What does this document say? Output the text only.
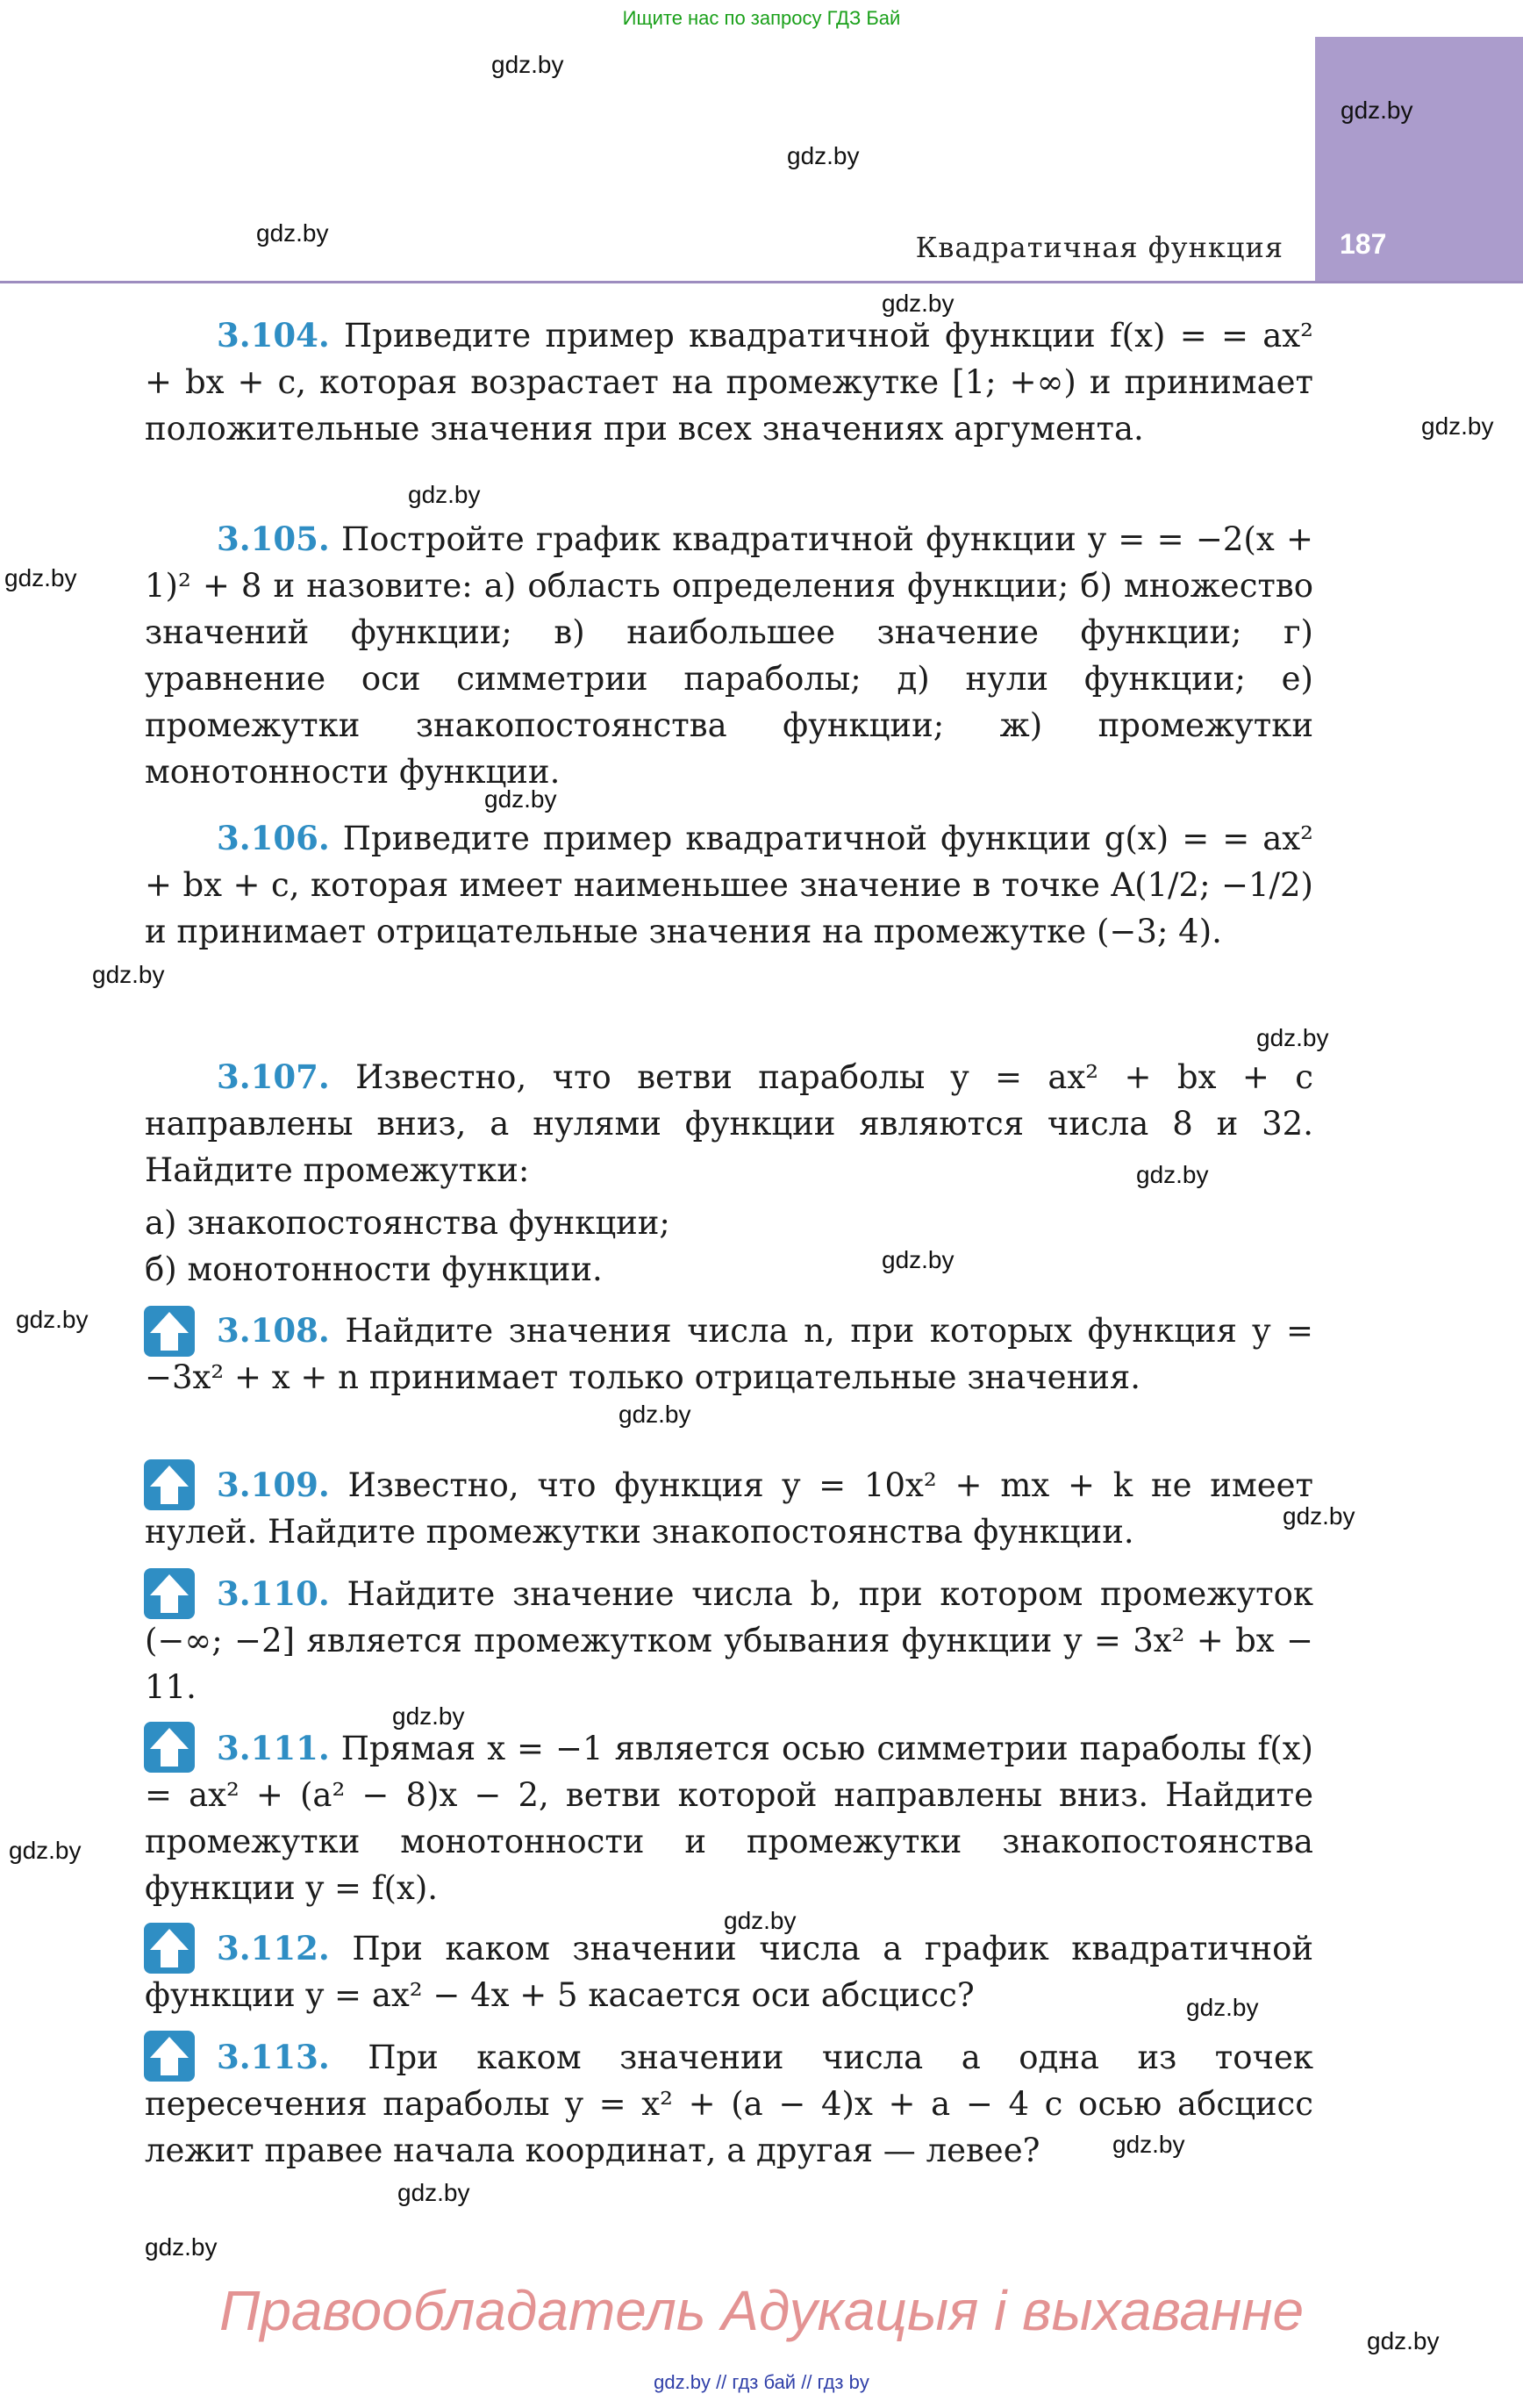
Ищите нас по запросу ГДЗ Бай
187
Квадратичная функция
gdz.by
gdz.by
gdz.by
gdz.by
gdz.by
gdz.by
gdz.by
gdz.by
gdz.by
gdz.by
gdz.by
gdz.by
gdz.by
gdz.by
gdz.by
gdz.by
gdz.by
gdz.by
gdz.by
gdz.by
gdz.by
gdz.by
gdz.by
gdz.by
3.104. Приведите пример квадратичной функции f(x) = = ax² + bx + c, которая возрастает на промежутке [1; +∞) и принимает положительные значения при всех значениях аргумента.
3.105. Постройте график квадратичной функции y = = −2(x + 1)² + 8 и назовите: а) область определения функции; б) множество значений функции; в) наибольшее значение функции; г) уравнение оси симметрии параболы; д) нули функции; е) промежутки знакопостоянства функции; ж) промежутки монотонности функции.
3.106. Приведите пример квадратичной функции g(x) = = ax² + bx + c, которая имеет наименьшее значение в точке A(1/2; −1/2) и принимает отрицательные значения на промежутке (−3; 4).
3.107. Известно, что ветви параболы y = ax² + bx + c направлены вниз, а нулями функции являются числа 8 и 32. Найдите промежутки:
а) знакопостоянства функции;
б) монотонности функции.
3.108. Найдите значения числа n, при которых функция y = −3x² + x + n принимает только отрицательные значения.
3.109. Известно, что функция y = 10x² + mx + k не имеет нулей. Найдите промежутки знакопостоянства функции.
3.110. Найдите значение числа b, при котором промежуток (−∞; −2] является промежутком убывания функции y = 3x² + bx − 11.
3.111. Прямая x = −1 является осью симметрии параболы f(x) = ax² + (a² − 8)x − 2, ветви которой направлены вниз. Найдите промежутки монотонности и промежутки знакопостоянства функции y = f(x).
3.112. При каком значении числа a график квадратичной функции y = ax² − 4x + 5 касается оси абсцисс?
3.113. При каком значении числа a одна из точек пересечения параболы y = x² + (a − 4)x + a − 4 с осью абсцисс лежит правее начала координат, а другая — левее?
Правообладатель Адукацыя і выхаванне
gdz.by // гдз бай // гдз by
